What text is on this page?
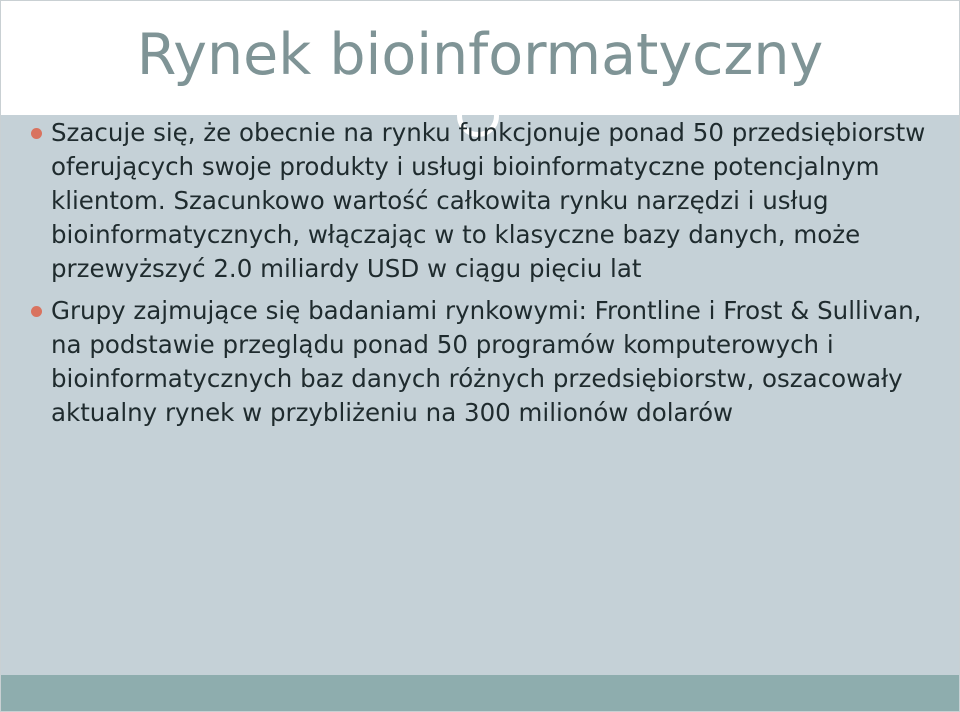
Rynek bioinformatyczny
Szacuje się, że obecnie na rynku funkcjonuje ponad 50 przedsiębiorstw oferujących swoje produkty i usługi bioinformatyczne potencjalnym klientom. Szacunkowo wartość całkowita rynku narzędzi i usług bioinformatycznych, włączając w to klasyczne bazy danych, może przewyższyć 2.0 miliardy USD w ciągu pięciu lat
Grupy zajmujące się badaniami rynkowymi: Frontline i Frost & Sullivan, na podstawie przeglądu ponad 50 programów komputerowych i bioinformatycznych baz danych różnych przedsiębiorstw, oszacowały aktualny rynek w przybliżeniu na 300 milionów dolarów
